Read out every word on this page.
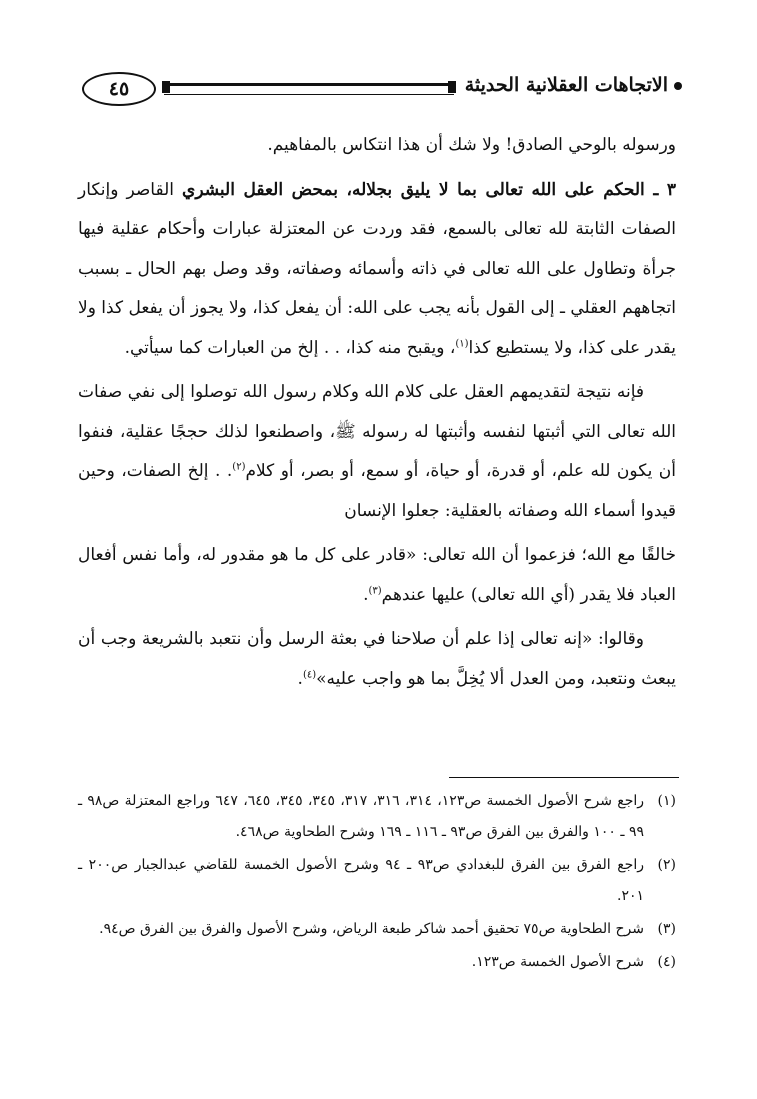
الاتجاهات العقلانية الحديثة
٤٥

ورسوله بالوحي الصادق! ولا شك أن هذا انتكاس بالمفاهيم.

٣ ـ الحكم على الله تعالى بما لا يليق بجلاله، بمحض العقل البشري القاصر وإنكار الصفات الثابتة لله تعالى بالسمع، فقد وردت عن المعتزلة عبارات وأحكام عقلية فيها جرأة وتطاول على الله تعالى في ذاته وأسمائه وصفاته، وقد وصل بهم الحال ـ بسبب اتجاههم العقلي ـ إلى القول بأنه يجب على الله: أن يفعل كذا، ولا يجوز أن يفعل كذا ولا يقدر على كذا، ولا يستطيع كذا$^{(١)}$، ويقبح منه كذا، . . إلخ من العبارات كما سيأتي.

فإنه نتيجة لتقديمهم العقل على كلام الله وكلام رسول الله توصلوا إلى نفي صفات الله تعالى التي أثبتها لنفسه وأثبتها له رسوله ﷺ، واصطنعوا لذلك حججًا عقلية، فنفوا أن يكون لله علم، أو قدرة، أو حياة، أو سمع، أو بصر، أو كلام$^{(٢)}$. . إلخ الصفات، وحين قيدوا أسماء الله وصفاته بالعقلية: جعلوا الإنسان

خالقًا مع الله؛ فزعموا أن الله تعالى: «قادر على كل ما هو مقدور له، وأما نفس أفعال العباد فلا يقدر (أي الله تعالى) عليها عندهم$^{(٣)}$.

وقالوا: «إنه تعالى إذا علم أن صلاحنا في بعثة الرسل وأن نتعبد بالشريعة وجب أن يبعث ونتعبد، ومن العدل ألا يُخِلَّ بما هو واجب عليه»$^{(٤)}$.

(١)
راجع شرح الأصول الخمسة ص١٢٣، ٣١٤، ٣١٦، ٣١٧، ٣٤٥، ٣٤٥، ٦٤٥، ٦٤٧ وراجع المعتزلة ص٩٨ ـ ٩٩ ـ ١٠٠ والفرق بين الفرق ص٩٣ ـ ١١٦ ـ ١٦٩ وشرح الطحاوية ص٤٦٨.
(٢)
راجع الفرق بين الفرق للبغدادي ص٩٣ ـ ٩٤ وشرح الأصول الخمسة للقاضي عبدالجبار ص٢٠٠ ـ ٢٠١.
(٣)
شرح الطحاوية ص٧٥ تحقيق أحمد شاكر طبعة الرياض، وشرح الأصول والفرق بين الفرق ص٩٤.
(٤)
شرح الأصول الخمسة ص١٢٣.
